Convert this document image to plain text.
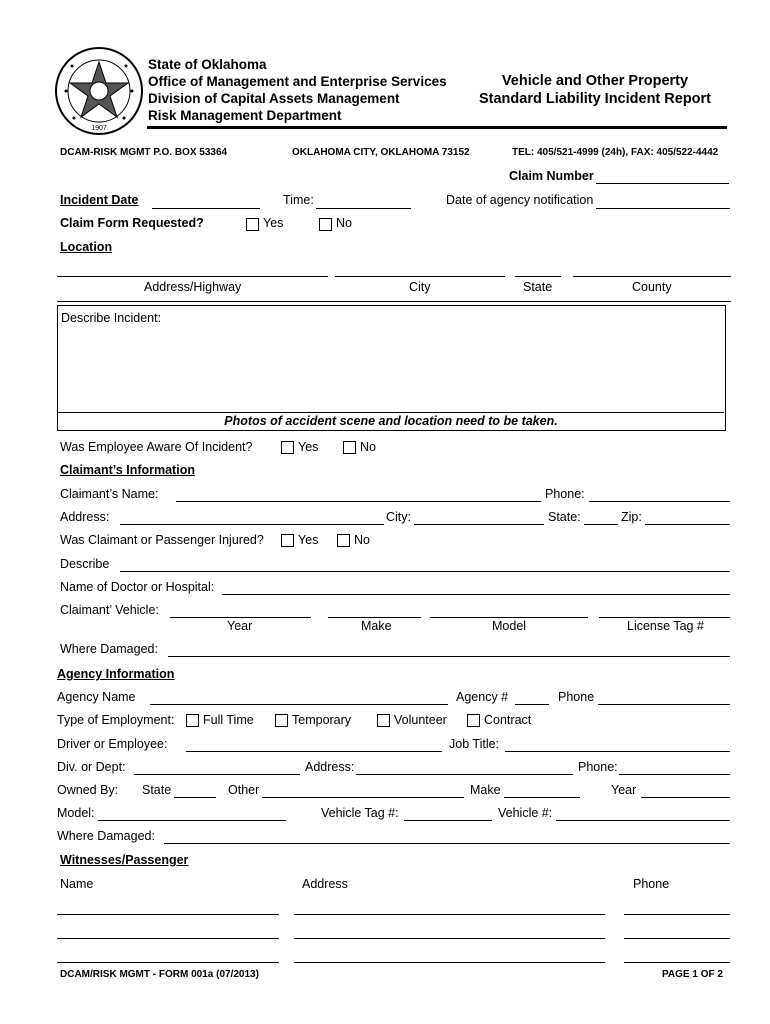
1907
State of Oklahoma
Office of Management and Enterprise Services
Division of Capital Assets Management
Risk Management Department
Vehicle and Other Property
Standard Liability Incident Report
DCAM-RISK MGMT P.O. BOX 53364	OKLAHOMA CITY, OKLAHOMA 73152	TEL: 405/521-4999 (24h), FAX: 405/522-4442
Claim Number
Incident Date	Time:	Date of agency notification
Claim Form Requested?	Yes	No
Location
Address/Highway	City	State	County
Describe Incident:
Photos of accident scene and location need to be taken.
Was Employee Aware Of Incident?	Yes	No
Claimant’s Information
Claimant’s Name:	Phone:
Address:	City:	State:	Zip:
Was Claimant or Passenger Injured?	Yes	No
Describe
Name of Doctor or Hospital:
Claimant’ Vehicle:
Year	Make	Model	License Tag #
Where Damaged:
Agency Information
Agency Name	Agency #	Phone
Type of Employment: Full Time	Temporary	Volunteer	Contract
Driver or Employee:	Job Title:
Div. or Dept:	Address:	Phone:
Owned By: State	Other	Make	Year
Model:	Vehicle Tag #:	Vehicle #:
Where Damaged:
Witnesses/Passenger
Name	Address	Phone
DCAM/RISK MGMT - FORM 001a (07/2013)	PAGE 1 OF 2
